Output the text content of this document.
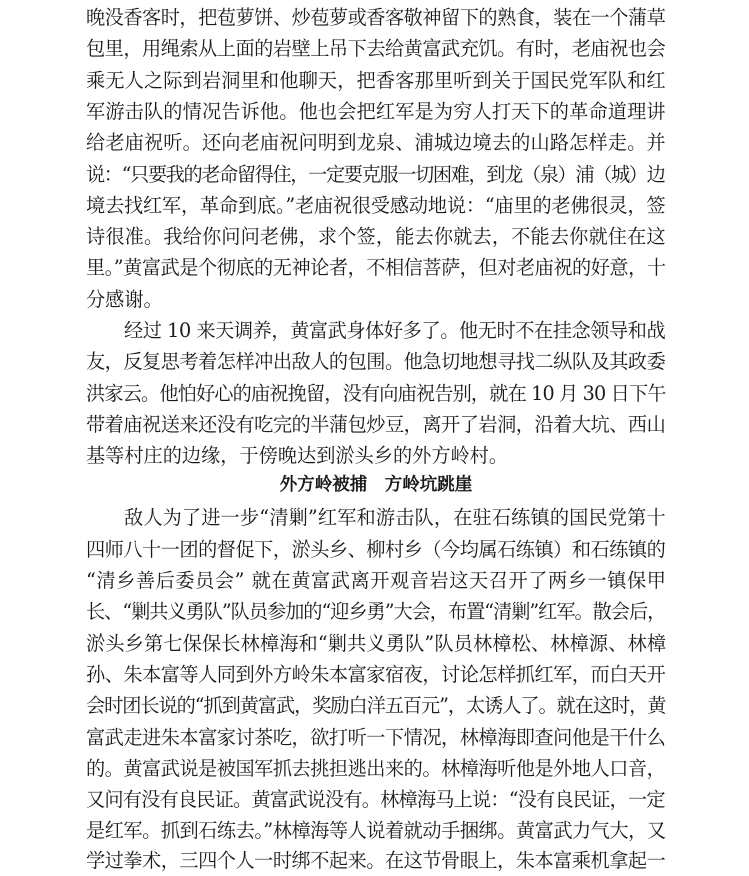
晚没香客时，把苞萝饼、炒苞萝或香客敬神留下的熟食，装在一个蒲草
包里，用绳索从上面的岩壁上吊下去给黄富武充饥。有时，老庙祝也会
乘无人之际到岩洞里和他聊天，把香客那里听到关于国民党军队和红
军游击队的情况告诉他。他也会把红军是为穷人打天下的革命道理讲
给老庙祝听。还向老庙祝问明到龙泉、浦城边境去的山路怎样走。并
说：“只要我的老命留得住，一定要克服一切困难，到龙（泉）浦（城）边
境去找红军，革命到底。”老庙祝很受感动地说：“庙里的老佛很灵，签
诗很准。我给你问问老佛，求个签，能去你就去，不能去你就住在这
里。”黄富武是个彻底的无神论者，不相信菩萨，但对老庙祝的好意，十
分感谢。
经过 10 来天调养，黄富武身体好多了。他无时不在挂念领导和战
友，反复思考着怎样冲出敌人的包围。他急切地想寻找二纵队及其政委
洪家云。他怕好心的庙祝挽留，没有向庙祝告别，就在 10 月 30 日下午
带着庙祝送来还没有吃完的半蒲包炒豆，离开了岩洞，沿着大坑、西山
基等村庄的边缘，于傍晚达到淤头乡的外方岭村。
外方岭被捕　方岭坑跳崖
敌人为了进一步“清剿”红军和游击队，在驻石练镇的国民党第十
四师八十一团的督促下，淤头乡、柳村乡（今均属石练镇）和石练镇的
“清乡善后委员会” 就在黄富武离开观音岩这天召开了两乡一镇保甲
长、“剿共义勇队”队员参加的“迎乡勇”大会，布置“清剿”红军。散会后，
淤头乡第七保保长林樟海和“剿共义勇队”队员林樟松、林樟源、林樟
孙、朱本富等人同到外方岭朱本富家宿夜，讨论怎样抓红军，而白天开
会时团长说的“抓到黄富武，奖励白洋五百元”，太诱人了。就在这时，黄
富武走进朱本富家讨茶吃，欲打听一下情况，林樟海即查问他是干什么
的。黄富武说是被国军抓去挑担逃出来的。林樟海听他是外地人口音，
又问有没有良民证。黄富武说没有。林樟海马上说：“没有良民证，一定
是红军。抓到石练去。”林樟海等人说着就动手捆绑。黄富武力气大，又
学过拳术，三四个人一时绑不起来。在这节骨眼上，朱本富乘机拿起一
